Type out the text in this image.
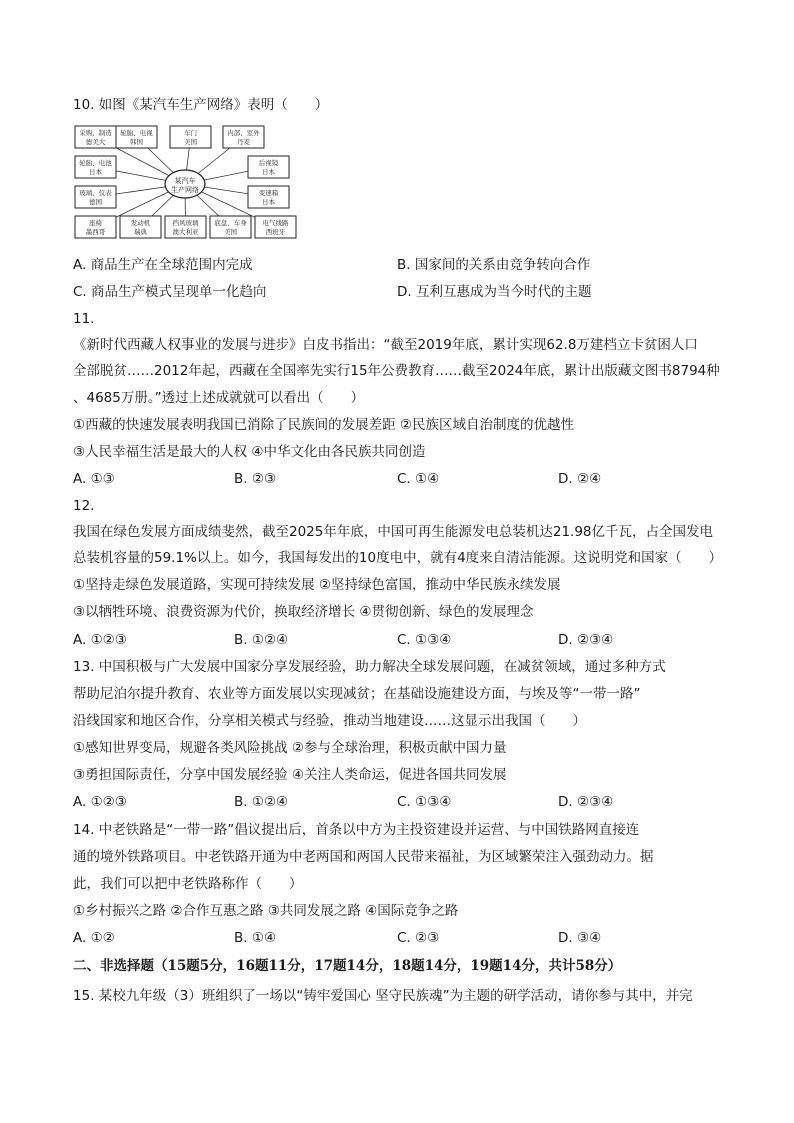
10. 如图《某汽车生产网络》表明（　　）
采购、制造
德美大
轮胎、电视
韩国
车门
美国
内部、室外
丹麦
轮胎、电池
日本
后视镜
日本
玻璃、仪表
德国
变速箱
日本
座椅
墨西哥
发动机
瑞典
挡风玻璃
澳大利亚
底盘、车身
美国
电气线路
西班牙
某汽车
生产网络
A. 商品生产在全球范围内完成	B. 国家间的关系由竞争转向合作
C. 商品生产模式呈现单一化趋向	D. 互利互惠成为当今时代的主题
11.
《新时代西藏人权事业的发展与进步》白皮书指出：“截至2019年底，累计实现62.8万建档立卡贫困人口
全部脱贫……2012年起，西藏在全国率先实行15年公费教育……截至2024年底，累计出版藏文图书8794种
、4685万册。”透过上述成就就可以看出（　　）
①西藏的快速发展表明我国已消除了民族间的发展差距 ②民族区域自治制度的优越性
③人民幸福生活是最大的人权 ④中华文化由各民族共同创造
A. ①③	B. ②③	C. ①④	D. ②④
12.
我国在绿色发展方面成绩斐然，截至2025年年底，中国可再生能源发电总装机达21.98亿千瓦，占全国发电
总装机容量的59.1%以上。如今，我国每发出的10度电中，就有4度来自清洁能源。这说明党和国家（　　）
①坚持走绿色发展道路，实现可持续发展 ②坚持绿色富国，推动中华民族永续发展
③以牺牲环境、浪费资源为代价，换取经济增长 ④贯彻创新、绿色的发展理念
A. ①②③	B. ①②④	C. ①③④	D. ②③④
13. 中国积极与广大发展中国家分享发展经验，助力解决全球发展问题，在减贫领域，通过多种方式
帮助尼泊尔提升教育、农业等方面发展以实现减贫；在基础设施建设方面，与埃及等“一带一路”
沿线国家和地区合作，分享相关模式与经验，推动当地建设……这显示出我国（　　）
①感知世界变局，规避各类风险挑战 ②参与全球治理，积极贡献中国力量
③勇担国际责任，分享中国发展经验 ④关注人类命运，促进各国共同发展
A. ①②③	B. ①②④	C. ①③④	D. ②③④
14. 中老铁路是“一带一路”倡议提出后，首条以中方为主投资建设并运营、与中国铁路网直接连
通的境外铁路项目。中老铁路开通为中老两国和两国人民带来福祉，为区域繁荣注入强劲动力。据
此，我们可以把中老铁路称作（　　）
①乡村振兴之路 ②合作互惠之路 ③共同发展之路 ④国际竞争之路
A. ①②	B. ①④	C. ②③	D. ③④
二、非选择题（15题5分，16题11分，17题14分，18题14分，19题14分，共计58分）
15. 某校九年级（3）班组织了一场以“铸牢爱国心 坚守民族魂”为主题的研学活动，请你参与其中，并完
